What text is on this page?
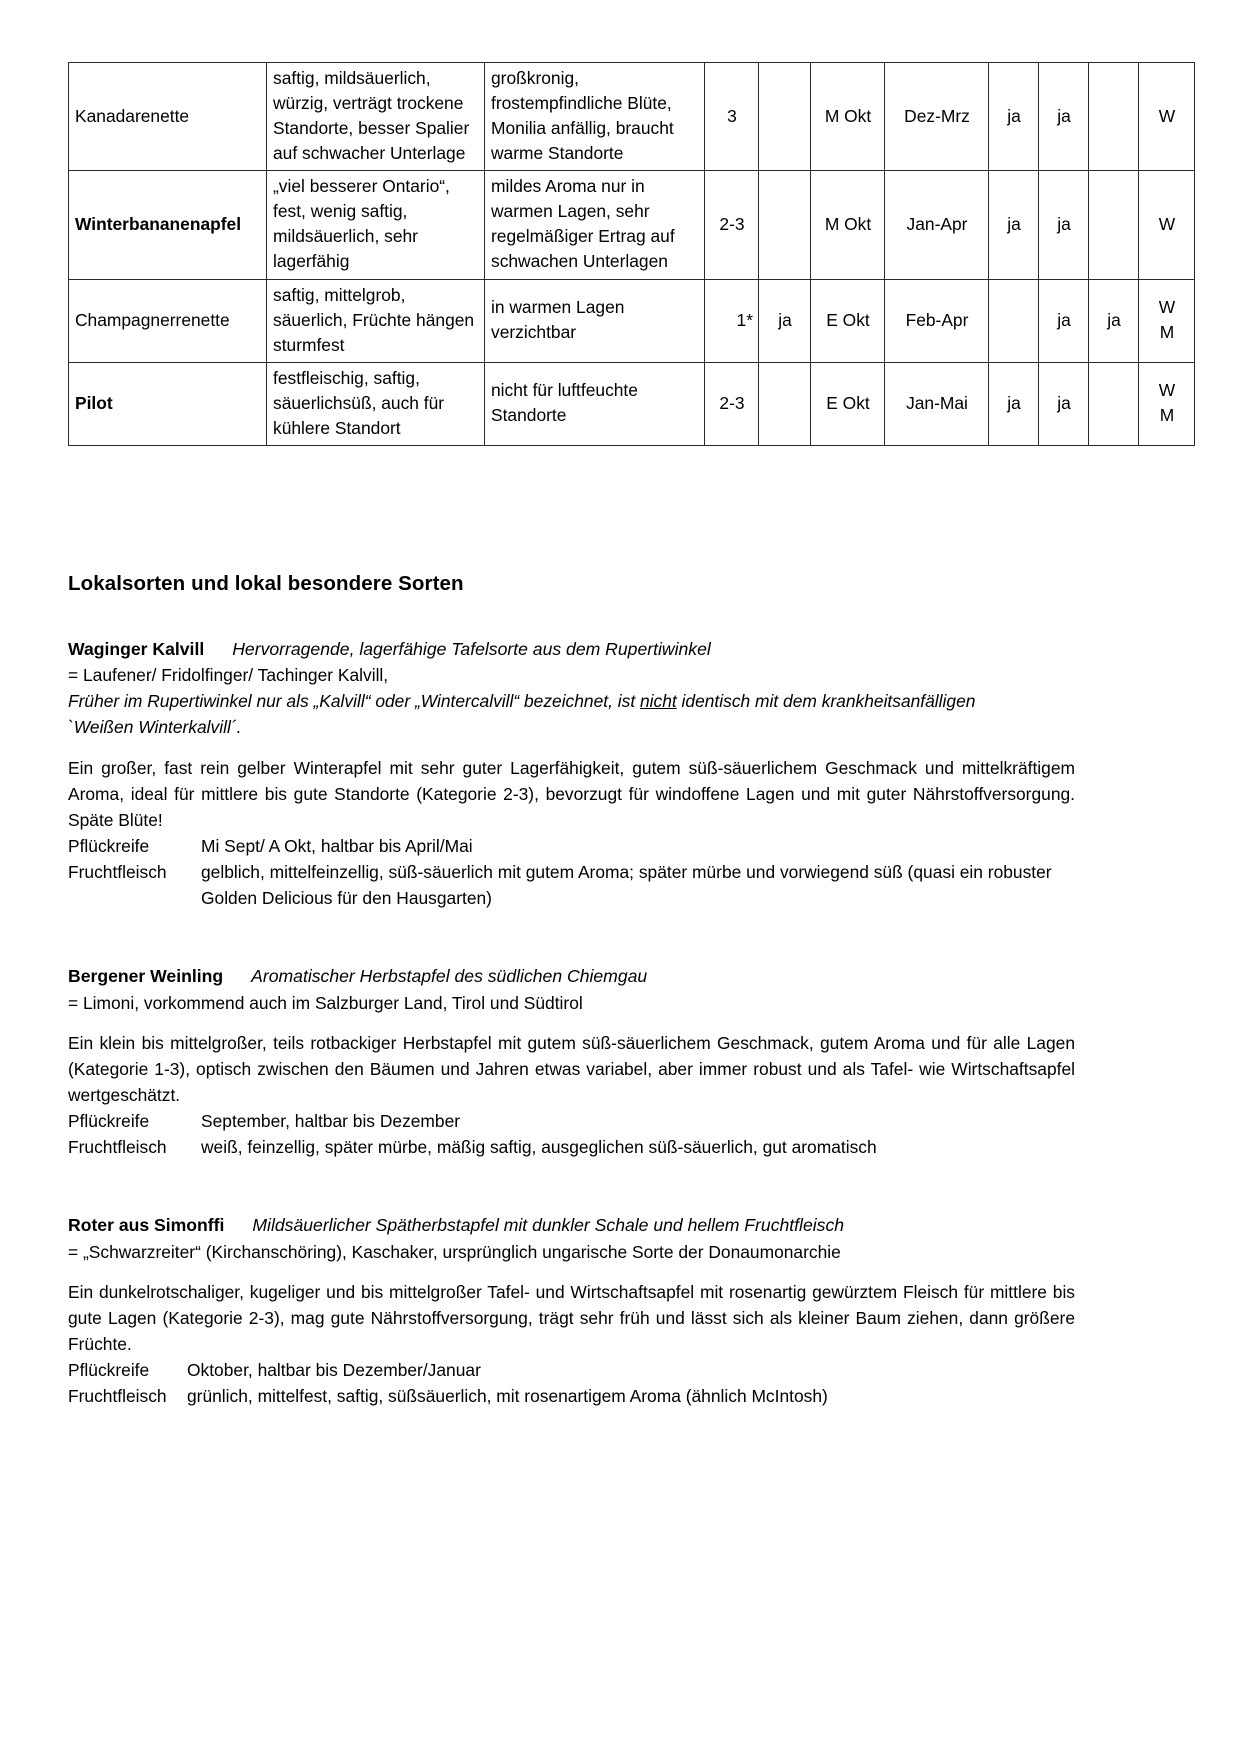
Kanadarenette	saftig, mildsäuerlich, würzig, verträgt trockene Standorte, besser Spalier auf schwacher Unterlage	großkronig, frostempfindliche Blüte, Monilia anfällig, braucht warme Standorte	3		M Okt	Dez-Mrz	ja	ja		W

Winterbananenapfel	„viel besserer Ontario“, fest, wenig saftig, mildsäuerlich, sehr lagerfähig	mildes Aroma nur in warmen Lagen, sehr regelmäßiger Ertrag auf schwachen Unterlagen	2-3		M Okt	Jan-Apr	ja	ja		W

Champagnerrenette	saftig, mittelgrob, säuerlich, Früchte hängen sturmfest	in warmen Lagen verzichtbar	1*	ja	E Okt	Feb-Apr		ja	ja	W
M

Pilot	festfleischig, saftig, säuerlichsüß, auch für kühlere Standort	nicht für luftfeuchte Standorte	2-3		E Okt	Jan-Mai	ja	ja		W
M
Lokalsorten und lokal besondere Sorten
Waginger Kalvill Hervorragende, lagerfähige Tafelsorte aus dem Rupertiwinkel
= Laufener/ Fridolfinger/ Tachinger Kalvill,
Früher im Rupertiwinkel nur als „Kalvill“ oder „Wintercalvill“ bezeichnet, ist nicht identisch mit dem krankheitsanfälligen
`Weißen Winterkalvill´.

Ein großer, fast rein gelber Winterapfel mit sehr guter Lagerfähigkeit, gutem süß-säuerlichem Geschmack und mittelkräftigem Aroma, ideal für mittlere bis gute Standorte (Kategorie 2-3), bevorzugt für windoffene Lagen und mit guter Nährstoffversorgung. Späte Blüte!

Pflückreife	Mi Sept/ A Okt, haltbar bis April/Mai
Fruchtfleisch	gelblich, mittelfeinzellig, süß-säuerlich mit gutem Aroma; später mürbe und vorwiegend süß (quasi ein robuster Golden Delicious für den Hausgarten)
Bergener Weinling Aromatischer Herbstapfel des südlichen Chiemgau
= Limoni, vorkommend auch im Salzburger Land, Tirol und Südtirol

Ein klein bis mittelgroßer, teils rotbackiger Herbstapfel mit gutem süß-säuerlichem Geschmack, gutem Aroma und für alle Lagen (Kategorie 1-3), optisch zwischen den Bäumen und Jahren etwas variabel, aber immer robust und als Tafel- wie Wirtschaftsapfel wertgeschätzt.

Pflückreife	September, haltbar bis Dezember
Fruchtfleisch	weiß, feinzellig, später mürbe, mäßig saftig, ausgeglichen süß-säuerlich, gut aromatisch
Roter aus Simonffi Mildsäuerlicher Spätherbstapfel mit dunkler Schale und hellem Fruchtfleisch
= „Schwarzreiter“ (Kirchanschöring), Kaschaker, ursprünglich ungarische Sorte der Donaumonarchie

Ein dunkelrotschaliger, kugeliger und bis mittelgroßer Tafel- und Wirtschaftsapfel mit rosenartig gewürztem Fleisch für mittlere bis gute Lagen (Kategorie 2-3), mag gute Nährstoffversorgung, trägt sehr früh und lässt sich als kleiner Baum ziehen, dann größere Früchte.

Pflückreife	Oktober, haltbar bis Dezember/Januar
Fruchtfleisch	grünlich, mittelfest, saftig, süßsäuerlich, mit rosenartigem Aroma (ähnlich McIntosh)
